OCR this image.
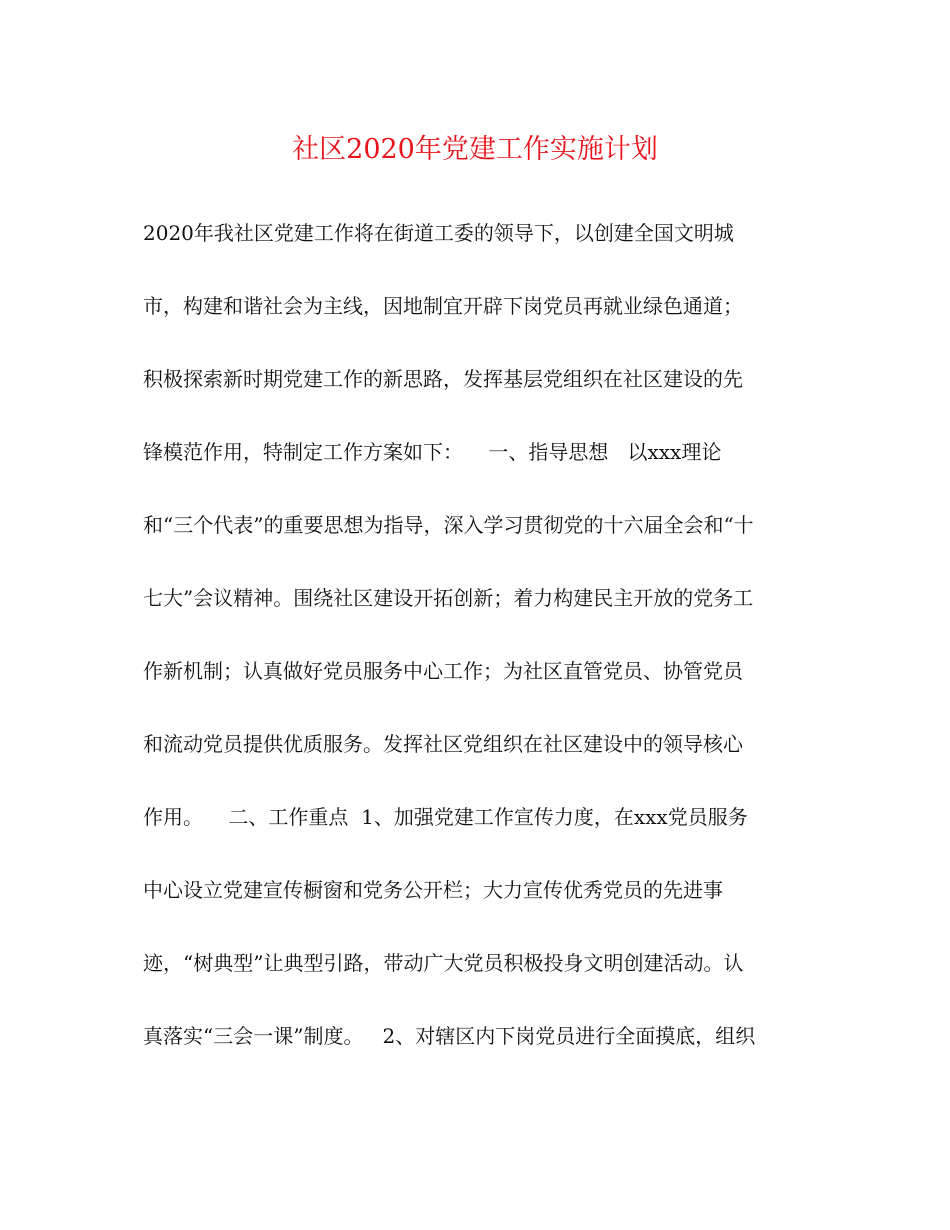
社区2020年党建工作实施计划
2020年我社区党建工作将在街道工委的领导下，以创建全国文明城
市，构建和谐社会为主线，因地制宜开辟下岗党员再就业绿色通道；
积极探索新时期党建工作的新思路，发挥基层党组织在社区建设的先
锋模范作用，特制定工作方案如下：    一、指导思想   以xxx理论
和“三个代表”的重要思想为指导，深入学习贯彻党的十六届全会和“十
七大”会议精神。围绕社区建设开拓创新；着力构建民主开放的党务工
作新机制；认真做好党员服务中心工作；为社区直管党员、协管党员
和流动党员提供优质服务。发挥社区党组织在社区建设中的领导核心
作用。    二、工作重点  1、加强党建工作宣传力度，在xxx党员服务
中心设立党建宣传橱窗和党务公开栏；大力宣传优秀党员的先进事
迹，“树典型”让典型引路，带动广大党员积极投身文明创建活动。认
真落实“三会一课”制度。   2、对辖区内下岗党员进行全面摸底，组织
